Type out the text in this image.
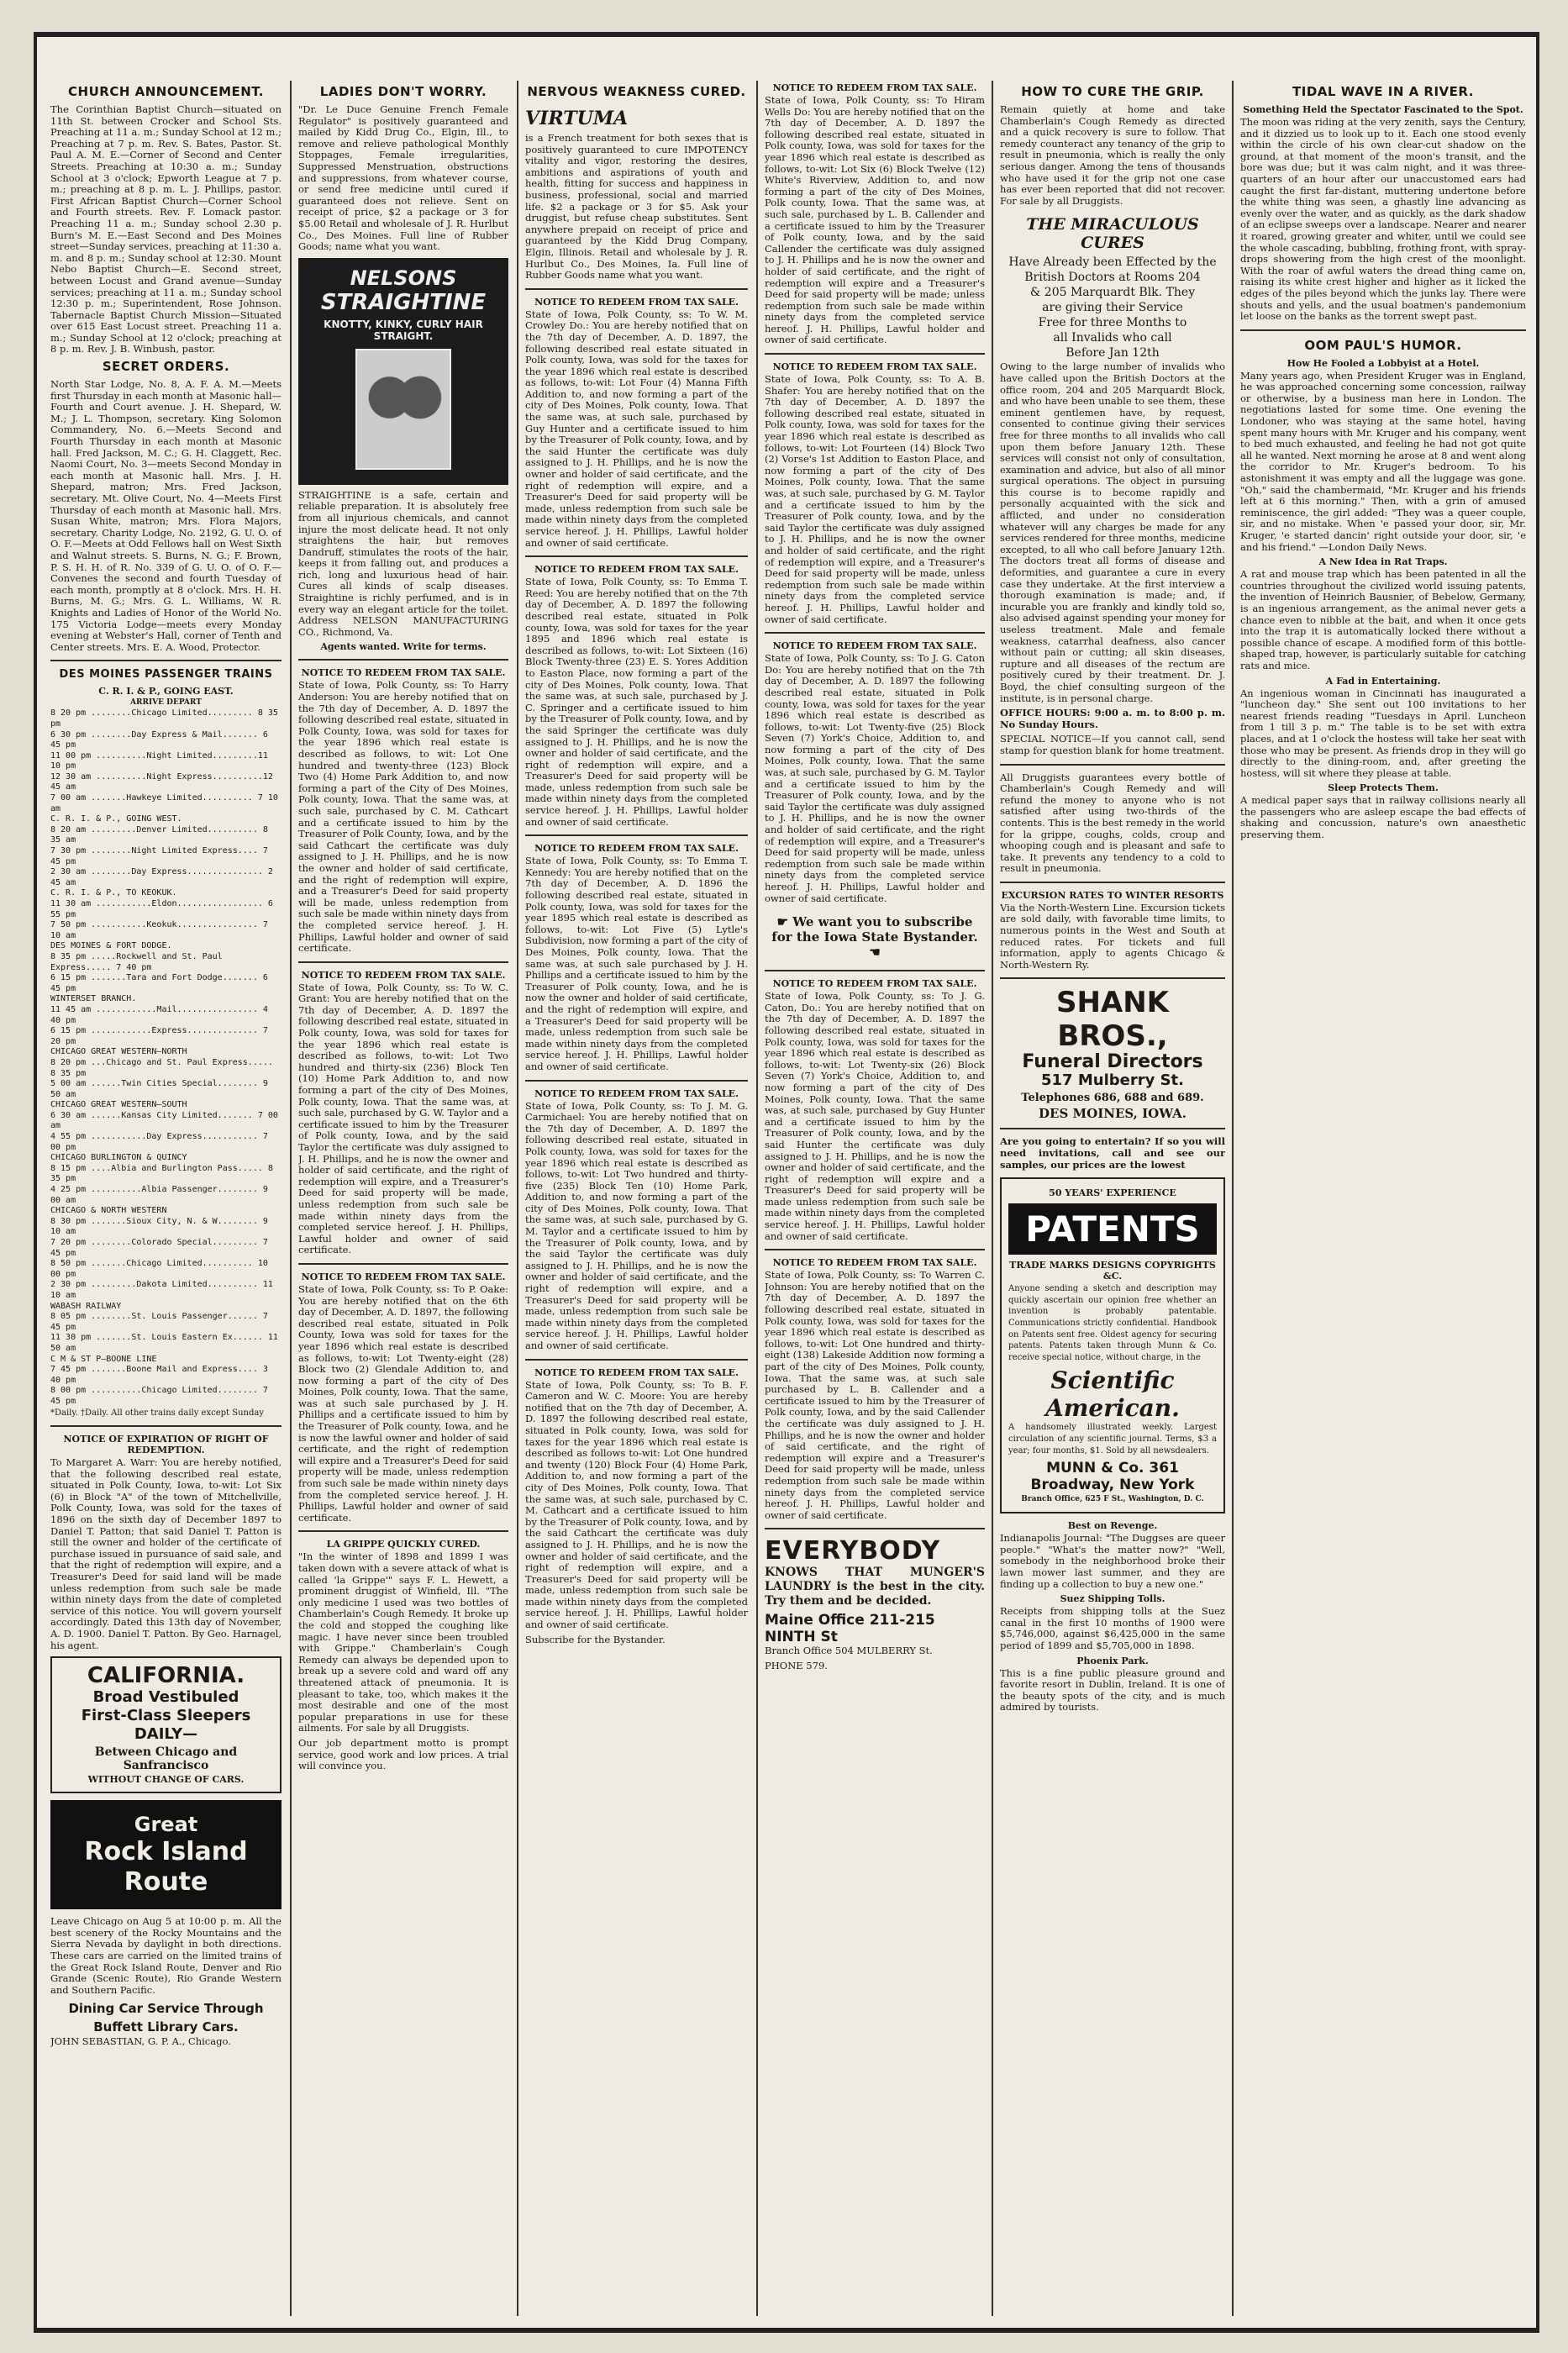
CHURCH ANNOUNCEMENT.

The Corinthian Baptist Church—situated on 11th St. between Crocker and School Sts. Preaching at 11 a. m.; Sunday School at 12 m.; Preaching at 7 p. m. Rev. S. Bates, Pastor. St. Paul A. M. E.—Corner of Second and Center Streets. Preaching at 10:30 a. m.; Sunday School at 3 o'clock; Epworth League at 7 p. m.; preaching at 8 p. m. L. J. Phillips, pastor. First African Baptist Church—Corner School and Fourth streets. Rev. F. Lomack pastor. Preaching 11 a. m.; Sunday school 2.30 p. Burn's M. E.—East Second and Des Moines street—Sunday services, preaching at 11:30 a. m. and 8 p. m.; Sunday school at 12:30. Mount Nebo Baptist Church—E. Second street, between Locust and Grand avenue—Sunday services; preaching at 11 a. m.; Sunday school 12:30 p. m.; Superintendent, Rose Johnson. Tabernacle Baptist Church Mission—Situated over 615 East Locust street. Preaching 11 a. m.; Sunday School at 12 o'clock; preaching at 8 p. m. Rev. J. B. Winbush, pastor.

SECRET ORDERS.

North Star Lodge, No. 8, A. F. A. M.—Meets first Thursday in each month at Masonic hall—Fourth and Court avenue. J. H. Shepard, W. M.; J. L. Thompson, secretary. King Solomon Commandery, No. 6.—Meets Second and Fourth Thursday in each month at Masonic hall. Fred Jackson, M. C.; G. H. Claggett, Rec. Naomi Court, No. 3—meets Second Monday in each month at Masonic hall. Mrs. J. H. Shepard, matron; Mrs. Fred Jackson, secretary. Mt. Olive Court, No. 4—Meets First Thursday of each month at Masonic hall. Mrs. Susan White, matron; Mrs. Flora Majors, secretary. Charity Lodge, No. 2192, G. U. O. of O. F.—Meets at Odd Fellows hall on West Sixth and Walnut streets. S. Burns, N. G.; F. Brown, P. S. H. H. of R. No. 339 of G. U. O. of O. F.—Convenes the second and fourth Tuesday of each month, promptly at 8 o'clock. Mrs. H. H. Burns, M. G.; Mrs. G. L. Williams, W. R. Knights and Ladies of Honor of the World No. 175 Victoria Lodge—meets every Monday evening at Webster's Hall, corner of Tenth and Center streets. Mrs. E. A. Wood, Protector.

DES MOINES PASSENGER TRAINS
C. R. I. & P., GOING EAST.
ARRIVE DEPART
8 20 pm ........Chicago Limited......... 8 35 pm
6 30 pm ........Day Express & Mail....... 6 45 pm
11 00 pm ..........Night Limited.........11 10 pm
12 30 am ..........Night Express..........12 45 am
7 00 am .......Hawkeye Limited.......... 7 10 am
C. R. I. & P., GOING WEST.
8 20 am .........Denver Limited.......... 8 35 am
7 30 pm ........Night Limited Express.... 7 45 pm
2 30 am ........Day Express............... 2 45 am
C. R. I. & P., TO KEOKUK.
11 30 am ...........Eldon................. 6 55 pm
7 50 pm ...........Keokuk................ 7 10 am
DES MOINES & FORT DODGE.
8 35 pm .....Rockwell and St. Paul Express..... 7 40 pm
6 15 pm .......Tara and Fort Dodge....... 6 45 pm
WINTERSET BRANCH.
11 45 am ............Mail................ 4 40 pm
6 15 pm ............Express.............. 7 20 pm
CHICAGO GREAT WESTERN—NORTH
8 20 pm ...Chicago and St. Paul Express..... 8 35 pm
5 00 am ......Twin Cities Special........ 9 50 am
CHICAGO GREAT WESTERN—SOUTH
6 30 am ......Kansas City Limited....... 7 00 am
4 55 pm ...........Day Express........... 7 00 pm
CHICAGO BURLINGTON & QUINCY
8 15 pm ....Albia and Burlington Pass..... 8 35 pm
4 25 pm ..........Albia Passenger........ 9 00 am
CHICAGO & NORTH WESTERN
8 30 pm .......Sioux City, N. & W........ 9 10 am
7 20 pm ........Colorado Special......... 7 45 pm
8 50 pm .......Chicago Limited.......... 10 00 pm
2 30 pm .........Dakota Limited.......... 11 10 am
WABASH RAILWAY
8 05 pm ........St. Louis Passenger...... 7 45 pm
11 30 pm .......St. Louis Eastern Ex...... 11 50 am
C M & ST P—BOONE LINE
7 45 pm .......Boone Mail and Express.... 3 40 pm
8 00 pm ..........Chicago Limited........ 7 45 pm

*Daily. †Daily. All other trains daily except Sunday

NOTICE OF EXPIRATION OF RIGHT OF REDEMPTION.

To Margaret A. Warr: You are hereby notified, that the following described real estate, situated in Polk County, Iowa, to-wit: Lot Six (6) in Block "A" of the town of Mitchellville, Polk County, Iowa, was sold for the taxes of 1896 on the sixth day of December 1897 to Daniel T. Patton; that said Daniel T. Patton is still the owner and holder of the certificate of purchase issued in pursuance of said sale, and that the right of redemption will expire, and a Treasurer's Deed for said land will be made unless redemption from such sale be made within ninety days from the date of completed service of this notice. You will govern yourself accordingly. Dated this 13th day of November, A. D. 1900. Daniel T. Patton. By Geo. Harnagel, his agent.

CALIFORNIA.
Broad Vestibuled
First-Class Sleepers
DAILY—
Between Chicago and Sanfrancisco
WITHOUT CHANGE OF CARS.
Great
Rock Island
Route

Leave Chicago on Aug 5 at 10:00 p. m. All the best scenery of the Rocky Mountains and the Sierra Nevada by daylight in both directions. These cars are carried on the limited trains of the Great Rock Island Route, Denver and Rio Grande (Scenic Route), Rio Grande Western and Southern Pacific.

Dining Car Service Through Buffett Library Cars.

JOHN SEBASTIAN, G. P. A., Chicago.

LADIES DON'T WORRY.

"Dr. Le Duce Genuine French Female Regulator" is positively guaranteed and mailed by Kidd Drug Co., Elgin, Ill., to remove and relieve pathological Monthly Stoppages, Female irregularities, Suppressed Menstruation, obstructions and suppressions, from whatever course, or send free medicine until cured if guaranteed does not relieve. Sent on receipt of price, $2 a package or 3 for $5.00 Retail and wholesale of J. R. Hurlbut Co., Des Moines. Full line of Rubber Goods; name what you want.

NELSONS
STRAIGHTINE
KNOTTY, KINKY, CURLY HAIR STRAIGHT.

STRAIGHTINE is a safe, certain and reliable preparation. It is absolutely free from all injurious chemicals, and cannot injure the most delicate head. It not only straightens the hair, but removes Dandruff, stimulates the roots of the hair, keeps it from falling out, and produces a rich, long and luxurious head of hair. Cures all kinds of scalp diseases. Straightine is richly perfumed, and is in every way an elegant article for the toilet. Address NELSON MANUFACTURING CO., Richmond, Va.

Agents wanted. Write for terms.
NOTICE TO REDEEM FROM TAX SALE.

State of Iowa, Polk County, ss: To Harry Anderson: You are hereby notified that on the 7th day of December, A. D. 1897 the following described real estate, situated in Polk County, Iowa, was sold for taxes for the year 1896 which real estate is described as follows, to wit: Lot One hundred and twenty-three (123) Block Two (4) Home Park Addition to, and now forming a part of the City of Des Moines, Polk county, Iowa. That the same was, at such sale, purchased by C. M. Cathcart and a certificate issued to him by the Treasurer of Polk County, Iowa, and by the said Cathcart the certificate was duly assigned to J. H. Phillips, and he is now the owner and holder of said certificate, and the right of redemption will expire, and a Treasurer's Deed for said property will be made, unless redemption from such sale be made within ninety days from the completed service hereof. J. H. Phillips, Lawful holder and owner of said certificate.

NOTICE TO REDEEM FROM TAX SALE.

State of Iowa, Polk County, ss: To W. C. Grant: You are hereby notified that on the 7th day of December, A. D. 1897 the following described real estate, situated in Polk county, Iowa, was sold for taxes for the year 1896 which real estate is described as follows, to-wit: Lot Two hundred and thirty-six (236) Block Ten (10) Home Park Addition to, and now forming a part of the city of Des Moines, Polk county, Iowa. That the same was, at such sale, purchased by G. W. Taylor and a certificate issued to him by the Treasurer of Polk county, Iowa, and by the said Taylor the certificate was duly assigned to J. H. Phillips, and he is now the owner and holder of said certificate, and the right of redemption will expire, and a Treasurer's Deed for said property will be made, unless redemption from such sale be made within ninety days from the completed service hereof. J. H. Phillips, Lawful holder and owner of said certificate.

NOTICE TO REDEEM FROM TAX SALE.

State of Iowa, Polk County, ss: To P. Oake: You are hereby notified that on the 6th day of December, A. D. 1897, the following described real estate, situated in Polk County, Iowa was sold for taxes for the year 1896 which real estate is described as follows, to-wit: Lot Twenty-eight (28) Block two (2) Glendale Addition to, and now forming a part of the city of Des Moines, Polk county, Iowa. That the same, was at such sale purchased by J. H. Phillips and a certificate issued to him by the Treasurer of Polk county, Iowa, and he is now the lawful owner and holder of said certificate, and the right of redemption will expire and a Treasurer's Deed for said property will be made, unless redemption from such sale be made within ninety days from the completed service hereof. J. H. Phillips, Lawful holder and owner of said certificate.

LA GRIPPE QUICKLY CURED.

"In the winter of 1898 and 1899 I was taken down with a severe attack of what is called 'la Grippe'" says F. L. Hewett, a prominent druggist of Winfield, Ill. "The only medicine I used was two bottles of Chamberlain's Cough Remedy. It broke up the cold and stopped the coughing like magic. I have never since been troubled with Grippe." Chamberlain's Cough Remedy can always be depended upon to break up a severe cold and ward off any threatened attack of pneumonia. It is pleasant to take, too, which makes it the most desirable and one of the most popular preparations in use for these ailments. For sale by all Druggists.

Our job department motto is prompt service, good work and low prices. A trial will convince you.

NERVOUS WEAKNESS CURED.
VIRTUMA

is a French treatment for both sexes that is positively guaranteed to cure IMPOTENCY vitality and vigor, restoring the desires, ambitions and aspirations of youth and health, fitting for success and happiness in business, professional, social and married life. $2 a package or 3 for $5. Ask your druggist, but refuse cheap substitutes. Sent anywhere prepaid on receipt of price and guaranteed by the Kidd Drug Company, Elgin, Illinois. Retail and wholesale by J. R. Hurlbut Co., Des Moines, Ia. Full line of Rubber Goods name what you want.

NOTICE TO REDEEM FROM TAX SALE.

State of Iowa, Polk County, ss: To W. M. Crowley Do.: You are hereby notified that on the 7th day of December, A. D. 1897, the following described real estate situated in Polk county, Iowa, was sold for the taxes for the year 1896 which real estate is described as follows, to-wit: Lot Four (4) Manna Fifth Addition to, and now forming a part of the city of Des Moines, Polk county, Iowa. That the same was, at such sale, purchased by Guy Hunter and a certificate issued to him by the Treasurer of Polk county, Iowa, and by the said Hunter the certificate was duly assigned to J. H. Phillips, and he is now the owner and holder of said certificate, and the right of redemption will expire, and a Treasurer's Deed for said property will be made, unless redemption from such sale be made within ninety days from the completed service hereof. J. H. Phillips, Lawful holder and owner of said certificate.

NOTICE TO REDEEM FROM TAX SALE.

State of Iowa, Polk County, ss: To Emma T. Reed: You are hereby notified that on the 7th day of December, A. D. 1897 the following described real estate, situated in Polk county, Iowa, was sold for taxes for the year 1895 and 1896 which real estate is described as follows, to-wit: Lot Sixteen (16) Block Twenty-three (23) E. S. Yores Addition to Easton Place, now forming a part of the city of Des Moines, Polk county, Iowa. That the same was, at such sale, purchased by J. C. Springer and a certificate issued to him by the Treasurer of Polk county, Iowa, and by the said Springer the certificate was duly assigned to J. H. Phillips, and he is now the owner and holder of said certificate, and the right of redemption will expire, and a Treasurer's Deed for said property will be made, unless redemption from such sale be made within ninety days from the completed service hereof. J. H. Phillips, Lawful holder and owner of said certificate.

NOTICE TO REDEEM FROM TAX SALE.

State of Iowa, Polk County, ss: To Emma T. Kennedy: You are hereby notified that on the 7th day of December, A. D. 1896 the following described real estate, situated in Polk county, Iowa, was sold for taxes for the year 1895 which real estate is described as follows, to-wit: Lot Five (5) Lytle's Subdivision, now forming a part of the city of Des Moines, Polk county, Iowa. That the same was, at such sale purchased by J. H. Phillips and a certificate issued to him by the Treasurer of Polk county, Iowa, and he is now the owner and holder of said certificate, and the right of redemption will expire, and a Treasurer's Deed for said property will be made, unless redemption from such sale be made within ninety days from the completed service hereof. J. H. Phillips, Lawful holder and owner of said certificate.

NOTICE TO REDEEM FROM TAX SALE.

State of Iowa, Polk County, ss: To J. M. G. Carmichael: You are hereby notified that on the 7th day of December, A. D. 1897 the following described real estate, situated in Polk county, Iowa, was sold for taxes for the year 1896 which real estate is described as follows, to-wit: Lot Two hundred and thirty-five (235) Block Ten (10) Home Park, Addition to, and now forming a part of the city of Des Moines, Polk county, Iowa. That the same was, at such sale, purchased by G. M. Taylor and a certificate issued to him by the Treasurer of Polk county, Iowa, and by the said Taylor the certificate was duly assigned to J. H. Phillips, and he is now the owner and holder of said certificate, and the right of redemption will expire, and a Treasurer's Deed for said property will be made, unless redemption from such sale be made within ninety days from the completed service hereof. J. H. Phillips, Lawful holder and owner of said certificate.

NOTICE TO REDEEM FROM TAX SALE.

State of Iowa, Polk County, ss: To B. F. Cameron and W. C. Moore: You are hereby notified that on the 7th day of December, A. D. 1897 the following described real estate, situated in Polk county, Iowa, was sold for taxes for the year 1896 which real estate is described as follows to-wit: Lot One hundred and twenty (120) Block Four (4) Home Park, Addition to, and now forming a part of the city of Des Moines, Polk county, Iowa. That the same was, at such sale, purchased by C. M. Cathcart and a certificate issued to him by the Treasurer of Polk county, Iowa, and by the said Cathcart the certificate was duly assigned to J. H. Phillips, and he is now the owner and holder of said certificate, and the right of redemption will expire, and a Treasurer's Deed for said property will be made, unless redemption from such sale be made within ninety days from the completed service hereof. J. H. Phillips, Lawful holder and owner of said certificate.

Subscribe for the Bystander.

NOTICE TO REDEEM FROM TAX SALE.

State of Iowa, Polk County, ss: To Hiram Wells Do: You are hereby notified that on the 7th day of December, A. D. 1897 the following described real estate, situated in Polk county, Iowa, was sold for taxes for the year 1896 which real estate is described as follows, to-wit: Lot Six (6) Block Twelve (12) White's Riverview, Addition to, and now forming a part of the city of Des Moines, Polk county, Iowa. That the same was, at such sale, purchased by L. B. Callender and a certificate issued to him by the Treasurer of Polk county, Iowa, and by the said Callender the certificate was duly assigned to J. H. Phillips and he is now the owner and holder of said certificate, and the right of redemption will expire and a Treasurer's Deed for said property will be made; unless redemption from such sale be made within ninety days from the completed service hereof. J. H. Phillips, Lawful holder and owner of said certificate.

NOTICE TO REDEEM FROM TAX SALE.

State of Iowa, Polk County, ss: To A. B. Shafer: You are hereby notified that on the 7th day of December, A. D. 1897 the following described real estate, situated in Polk county, Iowa, was sold for taxes for the year 1896 which real estate is described as follows, to-wit: Lot Fourteen (14) Block Two (2) Vorse's 1st Addition to Easton Place, and now forming a part of the city of Des Moines, Polk county, Iowa. That the same was, at such sale, purchased by G. M. Taylor and a certificate issued to him by the Treasurer of Polk county, Iowa, and by the said Taylor the certificate was duly assigned to J. H. Phillips, and he is now the owner and holder of said certificate, and the right of redemption will expire, and a Treasurer's Deed for said property will be made, unless redemption from such sale be made within ninety days from the completed service hereof. J. H. Phillips, Lawful holder and owner of said certificate.

NOTICE TO REDEEM FROM TAX SALE.

State of Iowa, Polk County, ss: To J. G. Caton Do: You are hereby notified that on the 7th day of December, A. D. 1897 the following described real estate, situated in Polk county, Iowa, was sold for taxes for the year 1896 which real estate is described as follows, to-wit: Lot Twenty-five (25) Block Seven (7) York's Choice, Addition to, and now forming a part of the city of Des Moines, Polk county, Iowa. That the same was, at such sale, purchased by G. M. Taylor and a certificate issued to him by the Treasurer of Polk county, Iowa, and by the said Taylor the certificate was duly assigned to J. H. Phillips, and he is now the owner and holder of said certificate, and the right of redemption will expire, and a Treasurer's Deed for said property will be made, unless redemption from such sale be made within ninety days from the completed service hereof. J. H. Phillips, Lawful holder and owner of said certificate.

☛ We want you to subscribe for the Iowa State Bystander. ☚
NOTICE TO REDEEM FROM TAX SALE.

State of Iowa, Polk County, ss: To J. G. Caton, Do.: You are hereby notified that on the 7th day of December, A. D. 1897 the following described real estate, situated in Polk county, Iowa, was sold for taxes for the year 1896 which real estate is described as follows, to-wit: Lot Twenty-six (26) Block Seven (7) York's Choice, Addition to, and now forming a part of the city of Des Moines, Polk county, Iowa. That the same was, at such sale, purchased by Guy Hunter and a certificate issued to him by the Treasurer of Polk county, Iowa, and by the said Hunter the certificate was duly assigned to J. H. Phillips, and he is now the owner and holder of said certificate, and the right of redemption will expire and a Treasurer's Deed for said property will be made unless redemption from such sale be made within ninety days from the completed service hereof. J. H. Phillips, Lawful holder and owner of said certificate.

NOTICE TO REDEEM FROM TAX SALE.

State of Iowa, Polk County, ss: To Warren C. Johnson: You are hereby notified that on the 7th day of December, A. D. 1897 the following described real estate, situated in Polk county, Iowa, was sold for taxes for the year 1896 which real estate is described as follows, to-wit: Lot One hundred and thirty-eight (138) Lakeside Addition now forming a part of the city of Des Moines, Polk county, Iowa. That the same was, at such sale purchased by L. B. Callender and a certificate issued to him by the Treasurer of Polk county, Iowa, and by the said Callender the certificate was duly assigned to J. H. Phillips, and he is now the owner and holder of said certificate, and the right of redemption will expire and a Treasurer's Deed for said property will be made, unless redemption from such sale be made within ninety days from the completed service hereof. J. H. Phillips, Lawful holder and owner of said certificate.

EVERYBODY

KNOWS THAT MUNGER'S LAUNDRY is the best in the city. Try them and be decided.

Maine Office 211-215 NINTH St

Branch Office 504 MULBERRY St.

PHONE 579.

HOW TO CURE THE GRIP.

Remain quietly at home and take Chamberlain's Cough Remedy as directed and a quick recovery is sure to follow. That remedy counteract any tenancy of the grip to result in pneumonia, which is really the only serious danger. Among the tens of thousands who have used it for the grip not one case has ever been reported that did not recover. For sale by all Druggists.

THE MIRACULOUS CURES
Have Already been Effected by the
British Doctors at Rooms 204
& 205 Marquardt Blk. They
are giving their Service
Free for three Months to
all Invalids who call
Before Jan 12th

Owing to the large number of invalids who have called upon the British Doctors at the office room, 204 and 205 Marquardt Block, and who have been unable to see them, these eminent gentlemen have, by request, consented to continue giving their services free for three months to all invalids who call upon them before January 12th. These services will consist not only of consultation, examination and advice, but also of all minor surgical operations. The object in pursuing this course is to become rapidly and personally acquainted with the sick and afflicted, and under no consideration whatever will any charges be made for any services rendered for three months, medicine excepted, to all who call before January 12th. The doctors treat all forms of disease and deformities, and guarantee a cure in every case they undertake. At the first interview a thorough examination is made; and, if incurable you are frankly and kindly told so, also advised against spending your money for useless treatment. Male and female weakness, catarrhal deafness, also cancer without pain or cutting; all skin diseases, rupture and all diseases of the rectum are positively cured by their treatment. Dr. J. Boyd, the chief consulting surgeon of the institute, is in personal charge.

OFFICE HOURS: 9:00 a. m. to 8:00 p. m. No Sunday Hours.

SPECIAL NOTICE—If you cannot call, send stamp for question blank for home treatment.

All Druggists guarantees every bottle of Chamberlain's Cough Remedy and will refund the money to anyone who is not satisfied after using two-thirds of the contents. This is the best remedy in the world for la grippe, coughs, colds, croup and whooping cough and is pleasant and safe to take. It prevents any tendency to a cold to result in pneumonia.

EXCURSION RATES TO WINTER RESORTS

Via the North-Western Line. Excursion tickets are sold daily, with favorable time limits, to numerous points in the West and South at reduced rates. For tickets and full information, apply to agents Chicago & North-Western Ry.

SHANK BROS.,
Funeral Directors
517 Mulberry St.
Telephones 686, 688 and 689.
DES MOINES, IOWA.

Are you going to entertain? If so you will need invitations, call and see our samples, our prices are the lowest

50 YEARS' EXPERIENCE
PATENTS
TRADE MARKS DESIGNS COPYRIGHTS &C.

Anyone sending a sketch and description may quickly ascertain our opinion free whether an invention is probably patentable. Communications strictly confidential. Handbook on Patents sent free. Oldest agency for securing patents. Patents taken through Munn & Co. receive special notice, without charge, in the

Scientific American.

A handsomely illustrated weekly. Largest circulation of any scientific journal. Terms, $3 a year; four months, $1. Sold by all newsdealers.

MUNN & Co. 361 Broadway, New York
Branch Office, 625 F St., Washington, D. C.
Best on Revenge.

Indianapolis Journal: "The Duggses are queer people." "What's the matter now?" "Well, somebody in the neighborhood broke their lawn mower last summer, and they are finding up a collection to buy a new one."

Suez Shipping Tolls.

Receipts from shipping tolls at the Suez canal in the first 10 months of 1900 were $5,746,000, against $6,425,000 in the same period of 1899 and $5,705,000 in 1898.

Phoenix Park.

This is a fine public pleasure ground and favorite resort in Dublin, Ireland. It is one of the beauty spots of the city, and is much admired by tourists.

TIDAL WAVE IN A RIVER.
Something Held the Spectator Fascinated to the Spot.

The moon was riding at the very zenith, says the Century, and it dizzied us to look up to it. Each one stood evenly within the circle of his own clear-cut shadow on the ground, at that moment of the moon's transit, and the bore was due; but it was calm night, and it was three-quarters of an hour after our unaccustomed ears had caught the first far-distant, muttering undertone before the white thing was seen, a ghastly line advancing as evenly over the water, and as quickly, as the dark shadow of an eclipse sweeps over a landscape. Nearer and nearer it roared, growing greater and whiter, until we could see the whole cascading, bubbling, frothing front, with spray-drops showering from the high crest of the moonlight. With the roar of awful waters the dread thing came on, raising its white crest higher and higher as it licked the edges of the piles beyond which the junks lay. There were shouts and yells, and the usual boatmen's pandemonium let loose on the banks as the torrent swept past.

OOM PAUL'S HUMOR.
How He Fooled a Lobbyist at a Hotel.

Many years ago, when President Kruger was in England, he was approached concerning some concession, railway or otherwise, by a business man here in London. The negotiations lasted for some time. One evening the Londoner, who was staying at the same hotel, having spent many hours with Mr. Kruger and his company, went to bed much exhausted, and feeling he had not got quite all he wanted. Next morning he arose at 8 and went along the corridor to Mr. Kruger's bedroom. To his astonishment it was empty and all the luggage was gone. "Oh," said the chambermaid, "Mr. Kruger and his friends left at 6 this morning." Then, with a grin of amused reminiscence, the girl added: "They was a queer couple, sir, and no mistake. When 'e passed your door, sir, Mr. Kruger, 'e started dancin' right outside your door, sir, 'e and his friend." —London Daily News.

A New Idea in Rat Traps.

A rat and mouse trap which has been patented in all the countries throughout the civilized world issuing patents, the invention of Heinrich Bausnier, of Bebelow, Germany, is an ingenious arrangement, as the animal never gets a chance even to nibble at the bait, and when it once gets into the trap it is automatically locked there without a possible chance of escape. A modified form of this bottle-shaped trap, however, is particularly suitable for catching rats and mice.

A Fad in Entertaining.

An ingenious woman in Cincinnati has inaugurated a "luncheon day." She sent out 100 invitations to her nearest friends reading "Tuesdays in April. Luncheon from 1 till 3 p. m." The table is to be set with extra places, and at 1 o'clock the hostess will take her seat with those who may be present. As friends drop in they will go directly to the dining-room, and, after greeting the hostess, will sit where they please at table.

Sleep Protects Them.

A medical paper says that in railway collisions nearly all the passengers who are asleep escape the bad effects of shaking and concussion, nature's own anaesthetic preserving them.
